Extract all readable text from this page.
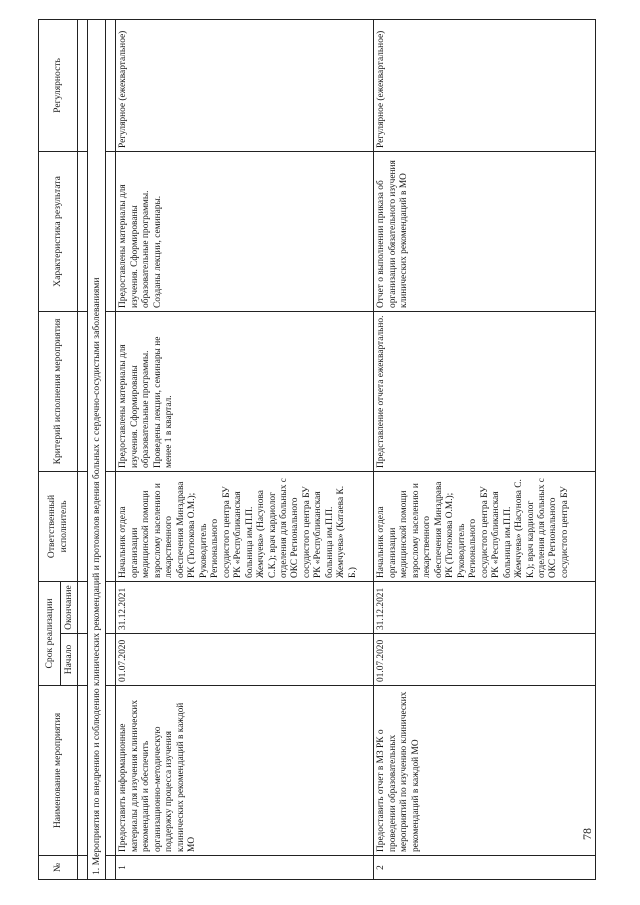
№	Наименование мероприятия	Срок реализации		Ответственный исполнитель	Критерий исполнения мероприятия	Характеристика результата	Регулярность
		Начало	Окончание				

1. Мероприятия по внедрению и соблюдению клинических рекомендаций и протоколов ведения больных с сердечно-сосудистыми заболеваниями							

1	Предоставить информационные материалы для изучения клинических рекомендаций и обеспечить организационно-методическую поддержку процесса изучения клинических рекомендаций в каждой МО	01.07.2020	31.12.2021	Начальник отдела организации медицинской помощи взрослому населению и лекарственного обеспечения Минздрава РК (Тютюкова О.М.); Руководитель Регионального сосудистого центра БУ РК «Республиканская больница им.П.П. Жемчуева» (Насунова С.К.); врач кардиолог отделения для больных с ОКС Регионального сосудистого центра БУ РК «Республиканская больница им.П.П. Жемчуева» (Катаева К. Б.)	Предоставлены материалы для изучения. Сформированы образовательные программы. Проведены лекции, семинары не менее 1 в квартал.	Предоставлены материалы для изучения. Сформированы образовательные программы. Созданы лекции, семинары.	Регулярное (ежеквартальное)
2	Предоставить отчет в МЗ РК о проведении образовательных мероприятий по изучению клинических рекомендаций в каждой МО	01.07.2020	31.12.2021	Начальник отдела организации медицинской помощи взрослому населению и лекарственного обеспечения Минздрава РК (Тютюкова О.М.); Руководитель Регионального сосудистого центра БУ РК «Республиканская больница им.П.П. Жемчуева» (Насунова С. К.); врач кардиолог отделения для больных с ОКС Регионального сосудистого центра БУ	Представление отчета ежеквартально.	Отчет о выполнении приказа об организации обязательного изучения клинических рекомендаций в МО	Регулярное (ежеквартальное)
78
